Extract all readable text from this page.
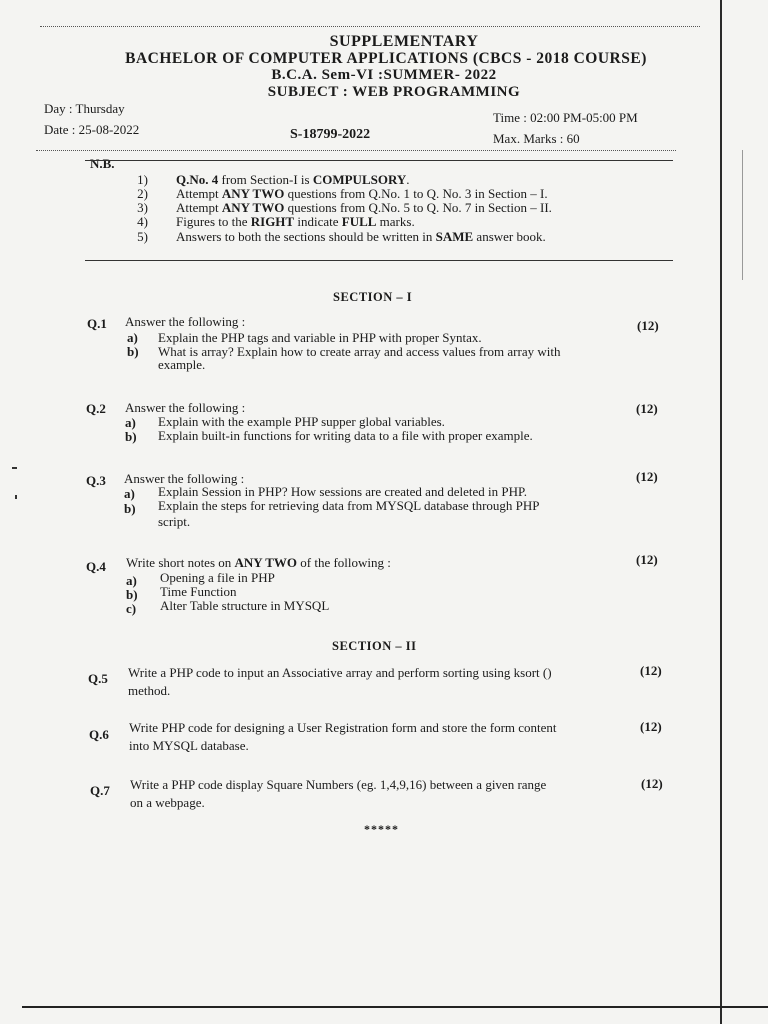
SUPPLEMENTARY
BACHELOR OF COMPUTER APPLICATIONS (CBCS - 2018 COURSE)
B.C.A. Sem-VI :SUMMER- 2022
SUBJECT : WEB PROGRAMMING
Day : Thursday
Time : 02:00 PM-05:00 PM
Date : 25-08-2022	S-18799-2022	Max. Marks : 60
N.B.
1) Q.No. 4 from Section-I is COMPULSORY.
2) Attempt ANY TWO questions from Q.No. 1 to Q. No. 3 in Section – I.
3) Attempt ANY TWO questions from Q.No. 5 to Q. No. 7 in Section – II.
4) Figures to the RIGHT indicate FULL marks.
5) Answers to both the sections should be written in SAME answer book.
SECTION – I
Q.1 Answer the following :	(12)
a) Explain the PHP tags and variable in PHP with proper Syntax.
b) What is array? Explain how to create array and access values from array with
example.
Q.2 Answer the following :	(12)
a) Explain with the example PHP supper global variables.
b) Explain built-in functions for writing data to a file with proper example.
Q.3 Answer the following :	(12)
a) Explain Session in PHP? How sessions are created and deleted in PHP.
b) Explain the steps for retrieving data from MYSQL database through PHP
script.
Q.4 Write short notes on ANY TWO of the following :	(12)
a) Opening a file in PHP
b) Time Function
c) Alter Table structure in MYSQL
SECTION – II
Q.5 Write a PHP code to input an Associative array and perform sorting using ksort ()
method.
(12)
Q.6 Write PHP code for designing a User Registration form and store the form content
into MYSQL database.
(12)
Q.7 Write a PHP code display Square Numbers (eg. 1,4,9,16) between a given range
on a webpage.
(12)
*****
